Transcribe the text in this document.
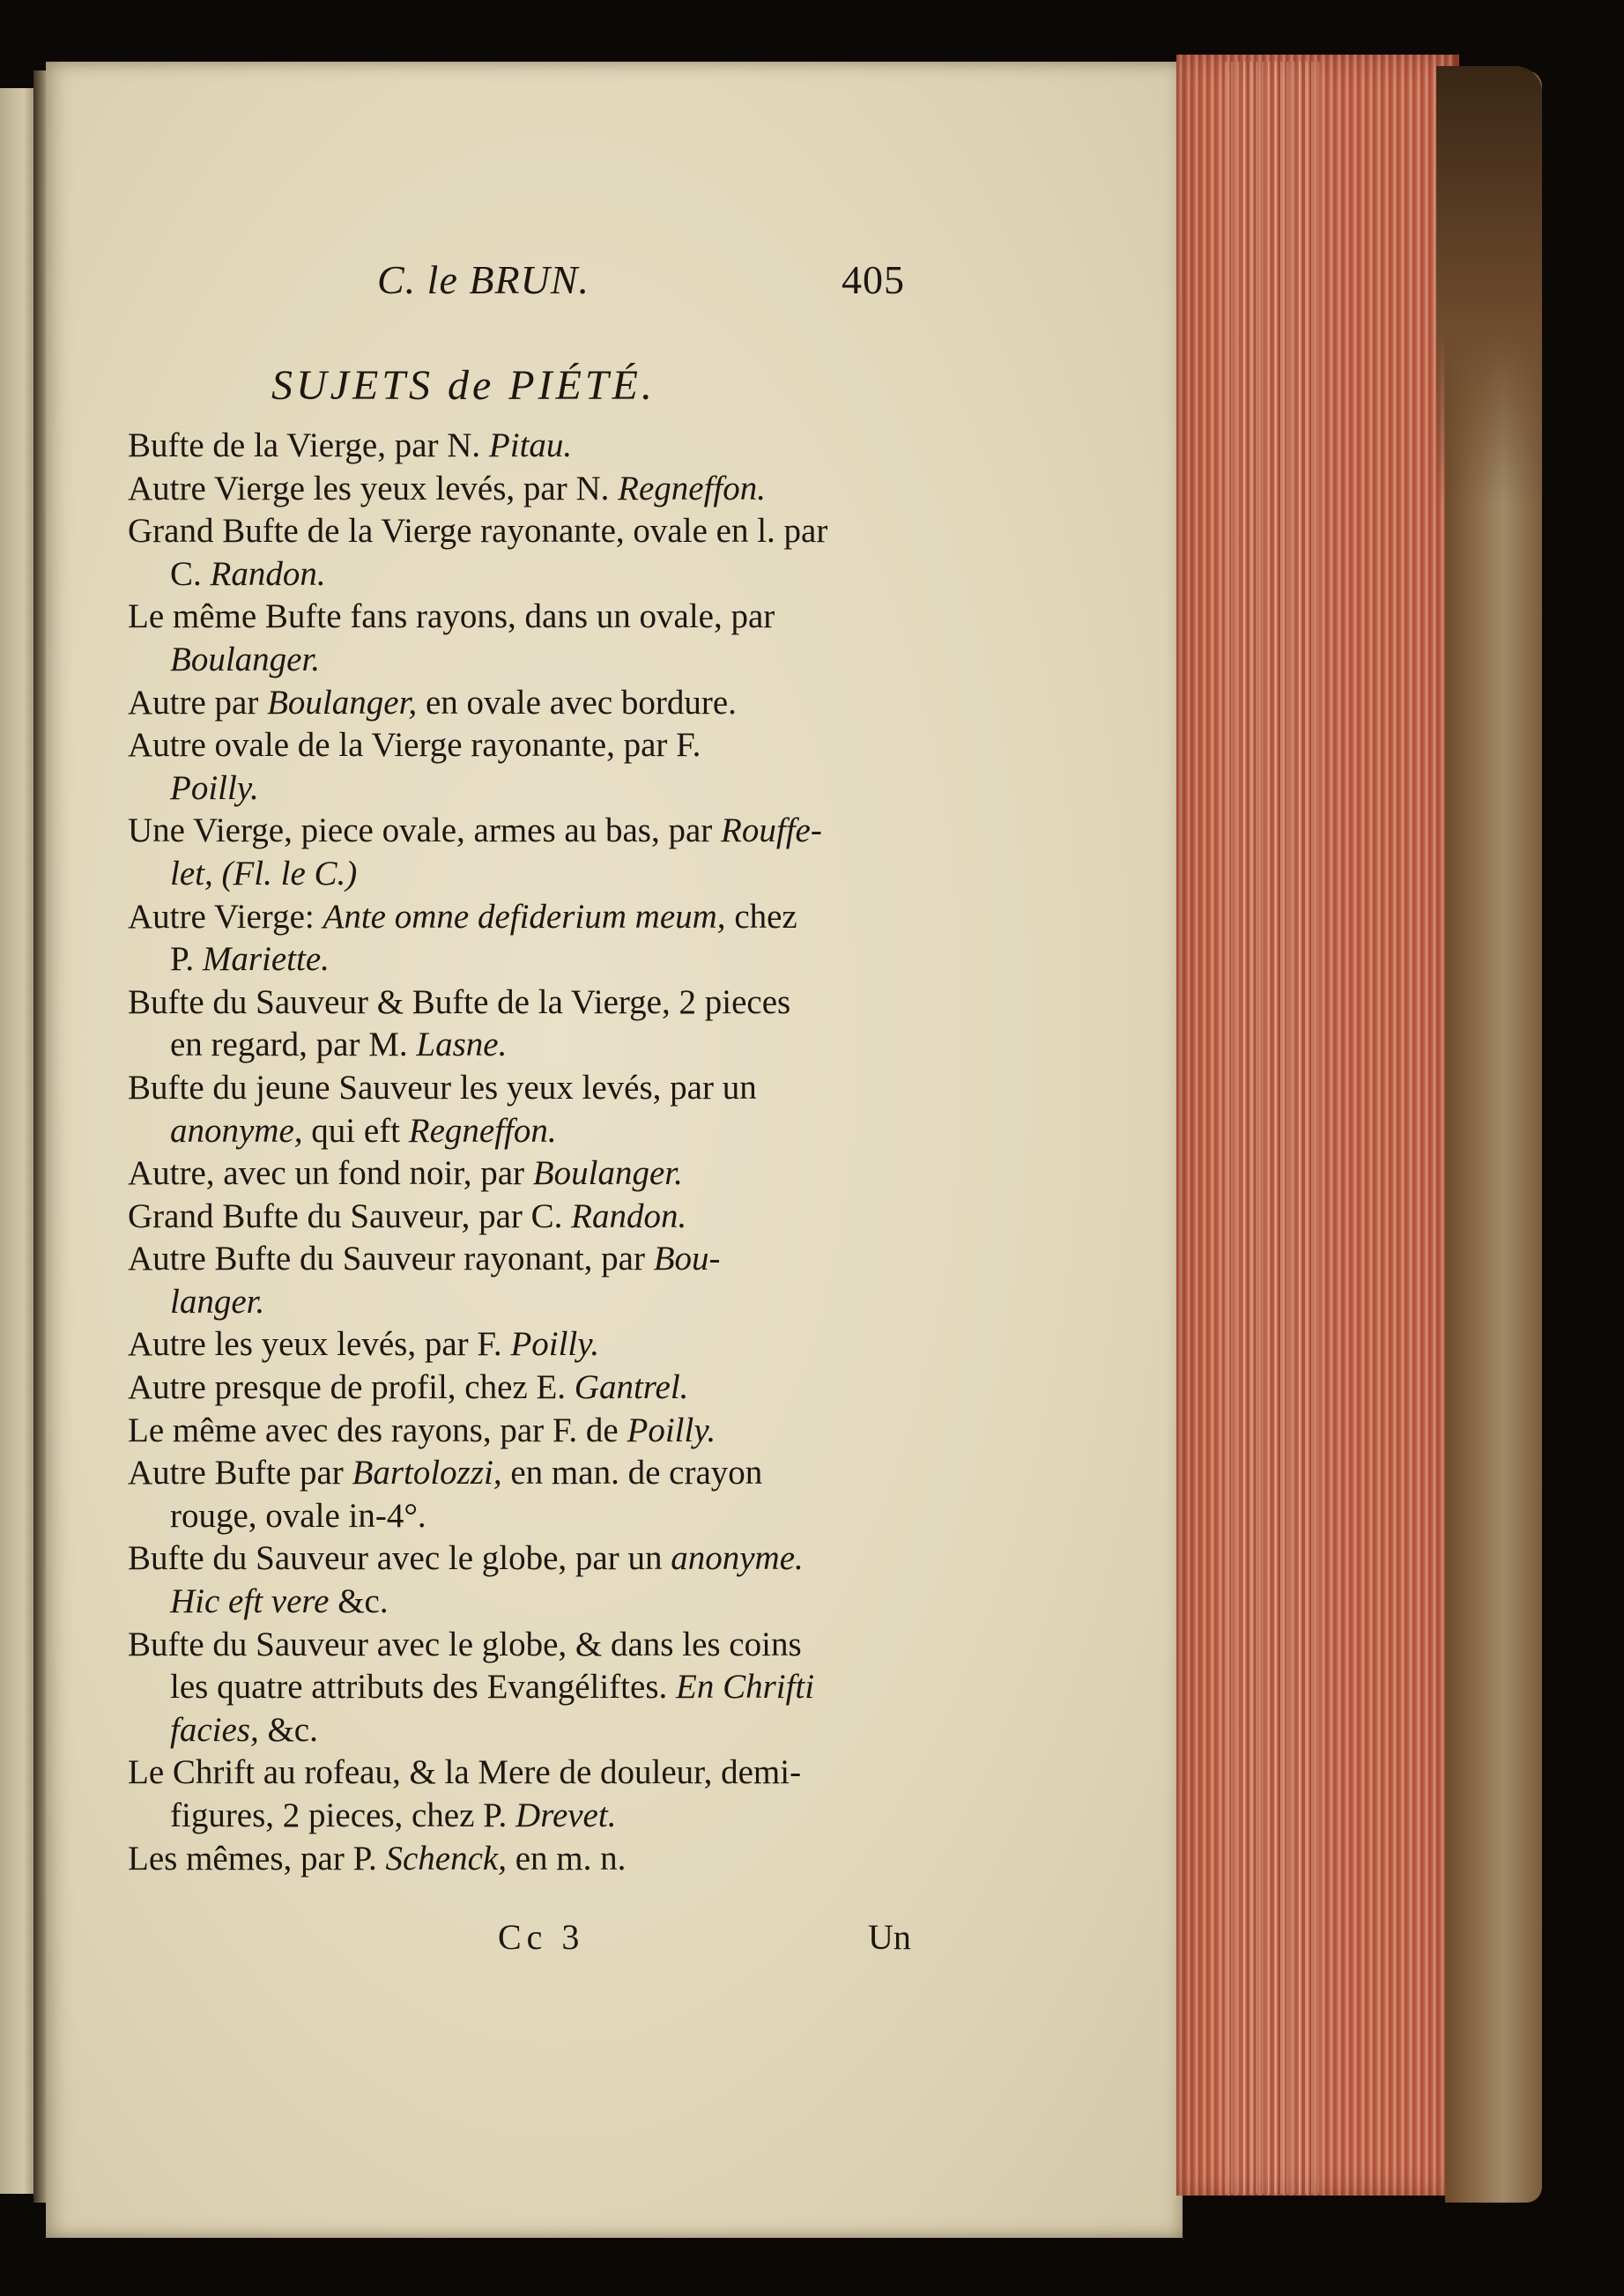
C. le BRUN.	405
SUJETS de PIÉTÉ.
Bufte de la Vierge, par N. Pitau.
Autre Vierge les yeux levés, par N. Regneffon.
Grand Bufte de la Vierge rayonante, ovale en l. par
C. Randon.
Le même Bufte fans rayons, dans un ovale, par
Boulanger.
Autre par Boulanger, en ovale avec bordure.
Autre ovale de la Vierge rayonante, par F.
Poilly.
Une Vierge, piece ovale, armes au bas, par Rouffe-
let, (Fl. le C.)
Autre Vierge: Ante omne defiderium meum, chez
P. Mariette.
Bufte du Sauveur & Bufte de la Vierge, 2 pieces
en regard, par M. Lasne.
Bufte du jeune Sauveur les yeux levés, par un
anonyme, qui eft Regneffon.
Autre, avec un fond noir, par Boulanger.
Grand Bufte du Sauveur, par C. Randon.
Autre Bufte du Sauveur rayonant, par Bou-
langer.
Autre les yeux levés, par F. Poilly.
Autre presque de profil, chez E. Gantrel.
Le même avec des rayons, par F. de Poilly.
Autre Bufte par Bartolozzi, en man. de crayon
rouge, ovale in-4°.
Bufte du Sauveur avec le globe, par un anonyme.
Hic eft vere &c.
Bufte du Sauveur avec le globe, & dans les coins
les quatre attributs des Evangéliftes. En Chrifti
facies, &c.
Le Chrift au rofeau, & la Mere de douleur, demi-
figures, 2 pieces, chez P. Drevet.
Les mêmes, par P. Schenck, en m. n.
Cc 3	Un
